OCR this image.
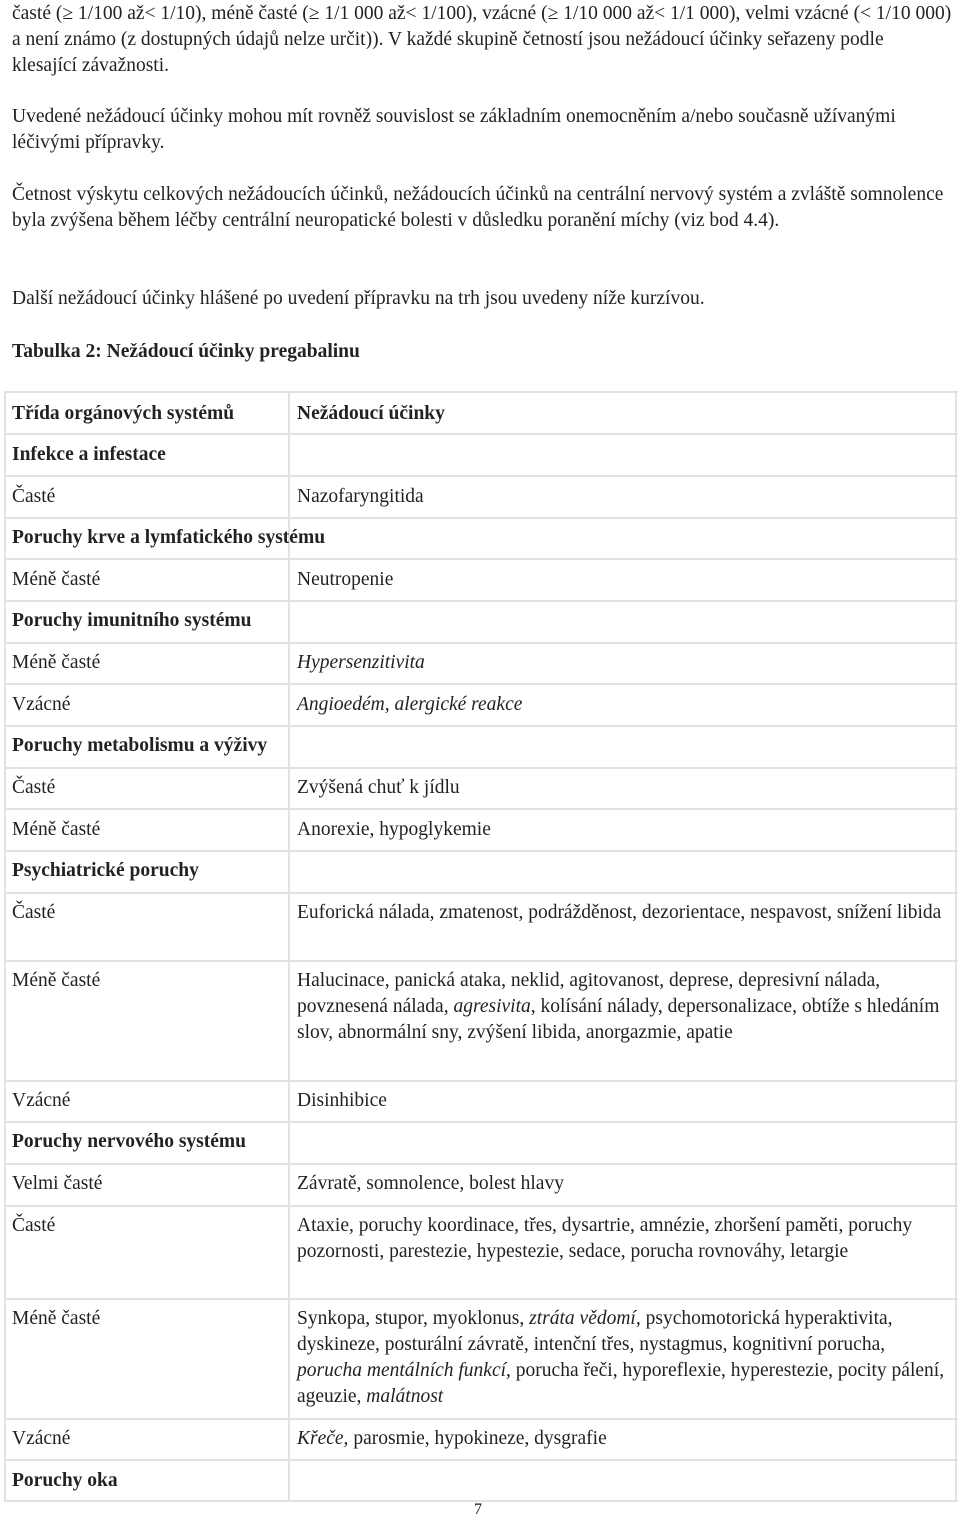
časté (≥ 1/100 až< 1/10), méně časté (≥ 1/1 000 až< 1/100), vzácné (≥ 1/10 000 až< 1/1 000), velmi vzácné (< 1/10 000) a není známo (z dostupných údajů nelze určit)). V každé skupině četností jsou nežádoucí účinky seřazeny podle klesající závažnosti.
Uvedené nežádoucí účinky mohou mít rovněž souvislost se základním onemocněním a/nebo současně užívanými léčivými přípravky.
Četnost výskytu celkových nežádoucích účinků, nežádoucích účinků na centrální nervový systém a zvláště somnolence byla zvýšena během léčby centrální neuropatické bolesti v důsledku poranění míchy (viz bod 4.4).
Další nežádoucí účinky hlášené po uvedení přípravku na trh jsou uvedeny níže kurzívou.
Tabulka 2: Nežádoucí účinky pregabalinu
Třída orgánových systémů	Nežádoucí účinky
Infekce a infestace
Časté	Nazofaryngitida
Poruchy krve a lymfatického systému
Méně časté	Neutropenie
Poruchy imunitního systému
Méně časté	Hypersenzitivita
Vzácné	Angioedém, alergické reakce
Poruchy metabolismu a výživy
Časté	Zvýšená chuť k jídlu
Méně časté	Anorexie, hypoglykemie
Psychiatrické poruchy
Časté	Euforická nálada, zmatenost, podrážděnost, dezorientace, nespavost, snížení libida
Méně časté	Halucinace, panická ataka, neklid, agitovanost, deprese, depresivní nálada, povznesená nálada, agresivita, kolísání nálady, depersonalizace, obtíže s hledáním slov, abnormální sny, zvýšení libida, anorgazmie, apatie
Vzácné	Disinhibice
Poruchy nervového systému
Velmi časté	Závratě, somnolence, bolest hlavy
Časté	Ataxie, poruchy koordinace, třes, dysartrie, amnézie, zhoršení paměti, poruchy pozornosti, parestezie, hypestezie, sedace, porucha rovnováhy, letargie
Méně časté	Synkopa, stupor, myoklonus, ztráta vědomí, psychomotorická hyperaktivita, dyskineze, posturální závratě, intenční třes, nystagmus, kognitivní porucha, porucha mentálních funkcí, porucha řeči, hyporeflexie, hyperestezie, pocity pálení, ageuzie, malátnost
Vzácné	Křeče, parosmie, hypokineze, dysgrafie
Poruchy oka
7
